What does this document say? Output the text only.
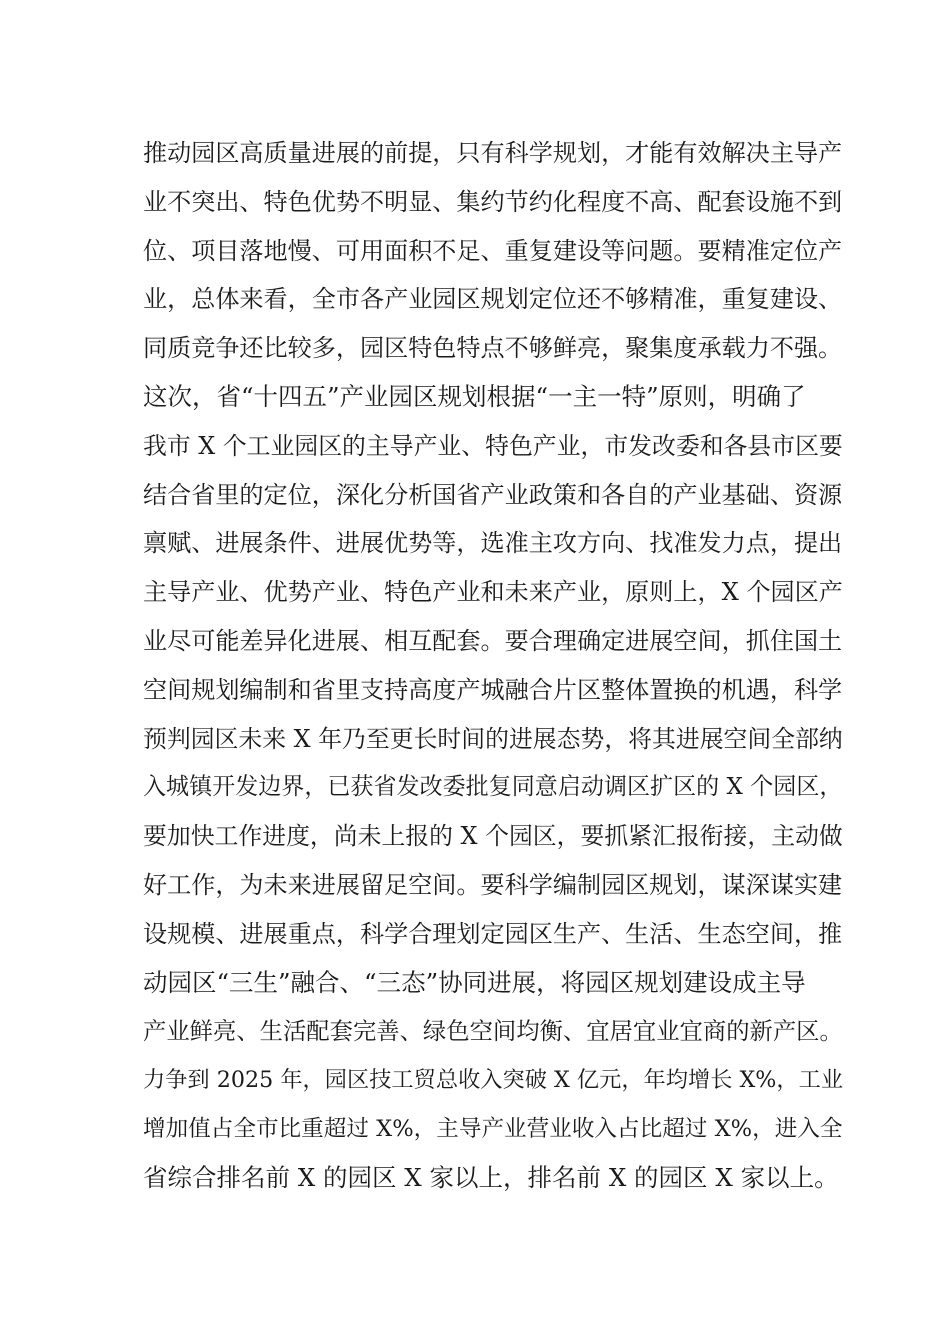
推动园区高质量进展的前提，只有科学规划，才能有效解决主导产
业不突出、特色优势不明显、集约节约化程度不高、配套设施不到
位、项目落地慢、可用面积不足、重复建设等问题。要精准定位产
业，总体来看，全市各产业园区规划定位还不够精准，重复建设、
同质竞争还比较多，园区特色特点不够鲜亮，聚集度承载力不强。
这次，省“十四五”产业园区规划根据“一主一特”原则，明确了
我市 X 个工业园区的主导产业、特色产业，市发改委和各县市区要
结合省里的定位，深化分析国省产业政策和各自的产业基础、资源
禀赋、进展条件、进展优势等，选准主攻方向、找准发力点，提出
主导产业、优势产业、特色产业和未来产业，原则上，X 个园区产
业尽可能差异化进展、相互配套。要合理确定进展空间，抓住国土
空间规划编制和省里支持高度产城融合片区整体置换的机遇，科学
预判园区未来 X 年乃至更长时间的进展态势，将其进展空间全部纳
入城镇开发边界，已获省发改委批复同意启动调区扩区的 X 个园区，
要加快工作进度，尚未上报的 X 个园区，要抓紧汇报衔接，主动做
好工作，为未来进展留足空间。要科学编制园区规划，谋深谋实建
设规模、进展重点，科学合理划定园区生产、生活、生态空间，推
动园区“三生”融合、“三态”协同进展，将园区规划建设成主导
产业鲜亮、生活配套完善、绿色空间均衡、宜居宜业宜商的新产区。
力争到 2025 年，园区技工贸总收入突破 X 亿元，年均增长 X%，工业
增加值占全市比重超过 X%，主导产业营业收入占比超过 X%，进入全
省综合排名前 X 的园区 X 家以上，排名前 X 的园区 X 家以上。
